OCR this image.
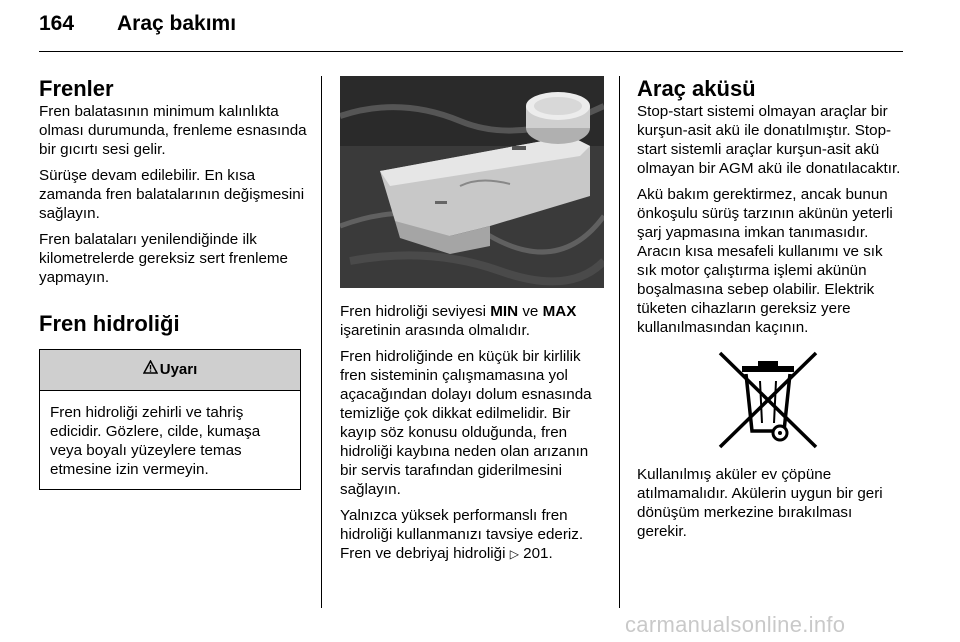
164 Araç bakımı
Frenler

Fren balatasının minimum kalınlıkta olması durumunda, frenleme esnasında bir gıcırtı sesi gelir.

Sürüşe devam edilebilir. En kısa zamanda fren balatalarının değişmesini sağlayın.

Fren balataları yenilendiğinde ilk kilometrelerde gereksiz sert frenleme yapmayın.

Fren hidroliği
Uyarı
Fren hidroliği zehirli ve tahriş edicidir. Gözlere, cilde, kumaşa veya boyalı yüzeylere temas etmesine izin vermeyin.

Fren hidroliği seviyesi MIN ve MAX işaretinin arasında olmalıdır.

Fren hidroliğinde en küçük bir kirlilik fren sisteminin çalışmamasına yol açacağından dolayı dolum esnasında temizliğe çok dikkat edilmelidir. Bir kayıp söz konusu olduğunda, fren hidroliği kaybına neden olan arızanın bir servis tarafından giderilmesini sağlayın.

Yalnızca yüksek performanslı fren hidroliği kullanmanızı tavsiye ederiz. Fren ve debriyaj hidroliği ▷ 201.

Araç aküsü

Stop-start sistemi olmayan araçlar bir kurşun-asit akü ile donatılmıştır. Stop-start sistemli araçlar kurşun-asit akü olmayan bir AGM akü ile donatılacaktır.

Akü bakım gerektirmez, ancak bunun önkoşulu sürüş tarzının akünün yeterli şarj yapmasına imkan tanımasıdır. Aracın kısa mesafeli kullanımı ve sık sık motor çalıştırma işlemi akünün boşalmasına sebep olabilir. Elektrik tüketen cihazların gereksiz yere kullanılmasından kaçının.

Kullanılmış aküler ev çöpüne atılmamalıdır. Akülerin uygun bir geri dönüşüm merkezine bırakılması gerekir.

carmanualsonline.info
